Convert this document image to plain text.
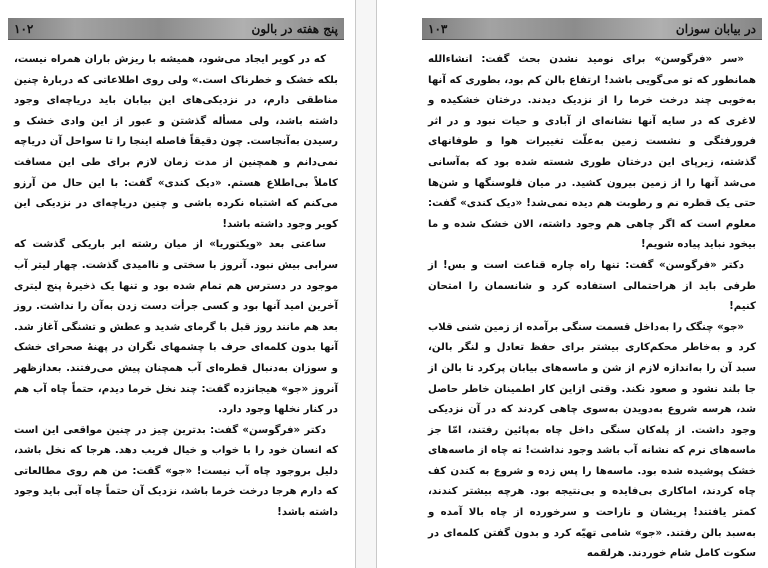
۱۰۲	پنج هفته در بالون

که در کویر ایجاد می‌شود، همیشه با ریزش باران همراه نیست، بلکه خشک و خطرناک است.» ولی روی اطلاعاتی که دربارهٔ چنین مناطقی دارم، در نزدیکی‌های این بیابان باید دریاچه‌ای وجود داشته باشد، ولی مسأله گذشتن و عبور از این وادی خشک و رسیدن به‌آنجاست. چون دقیقاً فاصله اینجا را تا سواحل آن دریاچه نمی‌دانم و همچنین از مدت زمان لازم برای طی این مسافت کاملاً بی‌اطلاع هستم. «دیک کندی» گفت: با این حال من آرزو می‌کنم که اشتباه نکرده باشی و چنین دریاچه‌ای در نزدیکی این کویر وجود داشته باشد!

ساعتی بعد «ویکتوریا» از میان رشته ابر باریکی گذشت که سرابی بیش نبود. آنروز با سختی و ناامیدی گذشت. چهار لیتر آب موجود در دسترس هم تمام شده بود و تنها یک ذخیرهٔ پنج لیتری آخرین امید آنها بود و کسی جرأت دست زدن به‌آن را نداشت. روز بعد هم مانند روز قبل با گرمای شدید و عطش و تشنگی آغاز شد. آنها بدون کلمه‌ای حرف با چشمهای نگران در پهنهٔ صحرای خشک و سوزان به‌دنبال قطره‌ای آب همچنان پیش می‌رفتند. بعدازظهر آنروز «جو» هیجانزده گفت: چند نخل خرما دیدم، حتماً چاه آب هم در کنار نخلها وجود دارد.

دکتر «فرگوسن» گفت: بدترین چیز در چنین مواقعی این است که انسان خود را با خواب و خیال فریب دهد. هرجا که نخل باشد، دلیل بروجود چاه آب نیست! «جو» گفت: من هم روی مطالعاتی که دارم هرجا درخت خرما باشد، نزدیک آن حتماً چاه آبی باید وجود داشته باشد!

۱۰۳	در بیابان سوزان

«سر «فرگوسن» برای نومید نشدن بحث گفت: انشاءالله همانطور که تو می‌گویی باشد! ارتفاع بالن کم بود، بطوری که آنها به‌خوبی چند درخت خرما را از نزدیک دیدند. درختان خشکیده و لاغری که در سایه آنها نشانه‌ای از آبادی و حیات نبود و در اثر فرورفتگی و نشست زمین به‌علّت تغییرات هوا و طوفانهای گذشته، زیرپای این درختان طوری شسته شده بود که به‌آسانی می‌شد آنها را از زمین بیرون کشید. در میان فلوسنگها و شن‌ها حتی یک قطره نم و رطوبت هم دیده نمی‌شد! «دیک کندی» گفت: معلوم است که اگر چاهی هم وجود داشته، الان خشک شده و ما بیخود نباید پیاده شویم!

دکتر «فرگوسن» گفت: تنها راه چاره قناعت است و بس! از طرفی باید از هراحتمالی استفاده کرد و شانسمان را امتحان کنیم!

«جو» چنگک را به‌داخل قسمت سنگی برآمده از زمین شنی قلاب کرد و به‌خاطر محکم‌کاری بیشتر برای حفظ تعادل و لنگر بالن، سبد آن را به‌اندازه لازم از شن و ماسه‌های بیابان پرکرد تا بالن از جا بلند نشود و صعود نکند. وقتی ازاین کار اطمینان خاطر حاصل شد، هرسه شروع به‌دویدن به‌سوی چاهی کردند که در آن نزدیکی وجود داشت. از پله‌کان سنگی داخل چاه به‌پائین رفتند، امّا جز ماسه‌های نرم که نشانه آب باشد وجود نداشت! ته چاه از ماسه‌های خشک پوشیده شده بود. ماسه‌ها را پس زده و شروع به کندن کف چاه کردند، اماکاری بی‌فایده و بی‌نتیجه بود. هرچه بیشتر کندند، کمتر یافتند! پریشان و ناراحت و سرخورده از چاه بالا آمده و به‌سبد بالن رفتند. «جو» شامی تهیّه کرد و بدون گفتن کلمه‌ای در سکوت کامل شام خوردند. هرلقمه
